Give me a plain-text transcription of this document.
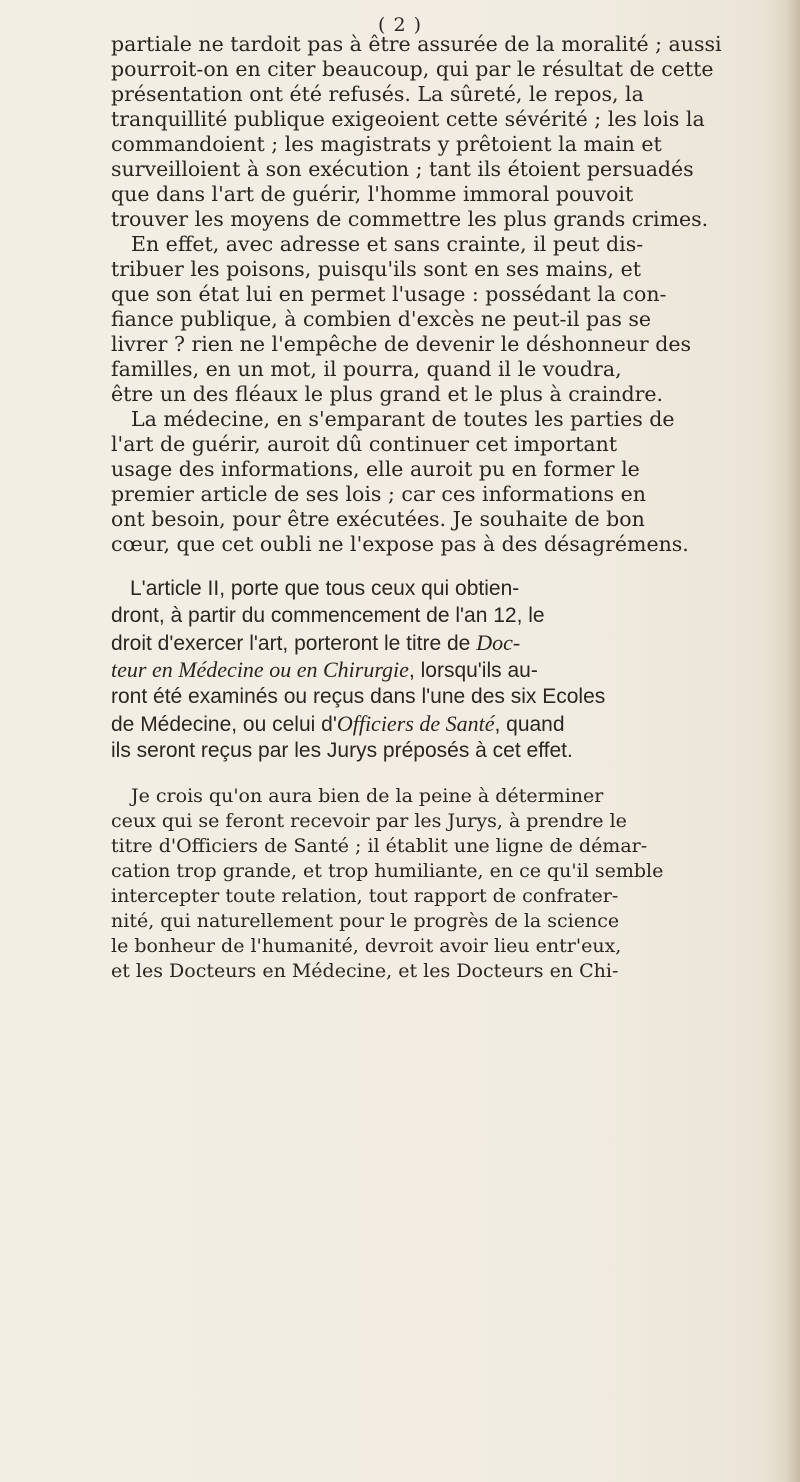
( 2 )
partiale ne tardoit pas à être assurée de la moralité ; aussi
pourroit-on en citer beaucoup, qui par le résultat de cette
présentation ont été refusés. La sûreté, le repos, la
tranquillité publique exigeoient cette sévérité ; les lois la
commandoient ; les magistrats y prêtoient la main et
surveilloient à son exécution ; tant ils étoient persuadés
que dans l'art de guérir, l'homme immoral pouvoit
trouver les moyens de commettre les plus grands crimes.
En effet, avec adresse et sans crainte, il peut dis-
tribuer les poisons, puisqu'ils sont en ses mains, et
que son état lui en permet l'usage : possédant la con-
fiance publique, à combien d'excès ne peut-il pas se
livrer ? rien ne l'empêche de devenir le déshonneur des
familles, en un mot, il pourra, quand il le voudra,
être un des fléaux le plus grand et le plus à craindre.
La médecine, en s'emparant de toutes les parties de
l'art de guérir, auroit dû continuer cet important
usage des informations, elle auroit pu en former le
premier article de ses lois ; car ces informations en
ont besoin, pour être exécutées. Je souhaite de bon
cœur, que cet oubli ne l'expose pas à des désagrémens.
L'article II, porte que tous ceux qui obtien-
dront, à partir du commencement de l'an 12, le
droit d'exercer l'art, porteront le titre de Doc-
teur en Médecine ou en Chirurgie, lorsqu'ils au-
ront été examinés ou reçus dans l'une des six Ecoles
de Médecine, ou celui d'Officiers de Santé, quand
ils seront reçus par les Jurys préposés à cet effet.
Je crois qu'on aura bien de la peine à déterminer
ceux qui se feront recevoir par les Jurys, à prendre le
titre d'Officiers de Santé ; il établit une ligne de démar-
cation trop grande, et trop humiliante, en ce qu'il semble
intercepter toute relation, tout rapport de confrater-
nité, qui naturellement pour le progrès de la science
le bonheur de l'humanité, devroit avoir lieu entr'eux,
et les Docteurs en Médecine, et les Docteurs en Chi-
